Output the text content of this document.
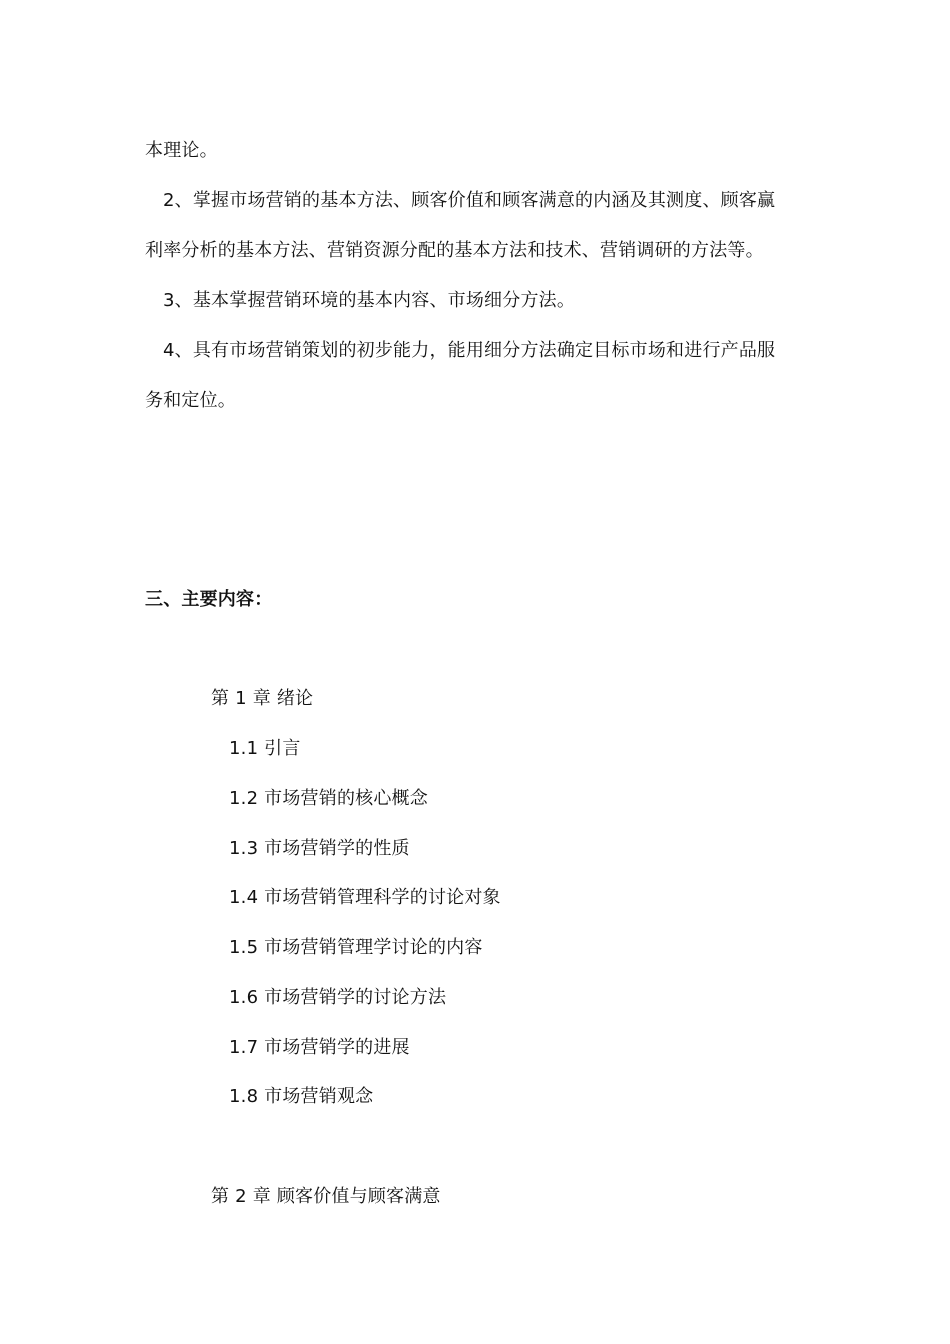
本理论。
2、掌握市场营销的基本方法、顾客价值和顾客满意的内涵及其测度、顾客赢
利率分析的基本方法、营销资源分配的基本方法和技术、营销调研的方法等。
3、基本掌握营销环境的基本内容、市场细分方法。
4、具有市场营销策划的初步能力，能用细分方法确定目标市场和进行产品服
务和定位。
三、主要内容：
第 1 章 绪论
1.1 引言
1.2 市场营销的核心概念
1.3 市场营销学的性质
1.4 市场营销管理科学的讨论对象
1.5 市场营销管理学讨论的内容
1.6 市场营销学的讨论方法
1.7 市场营销学的进展
1.8 市场营销观念
第 2 章 顾客价值与顾客满意
